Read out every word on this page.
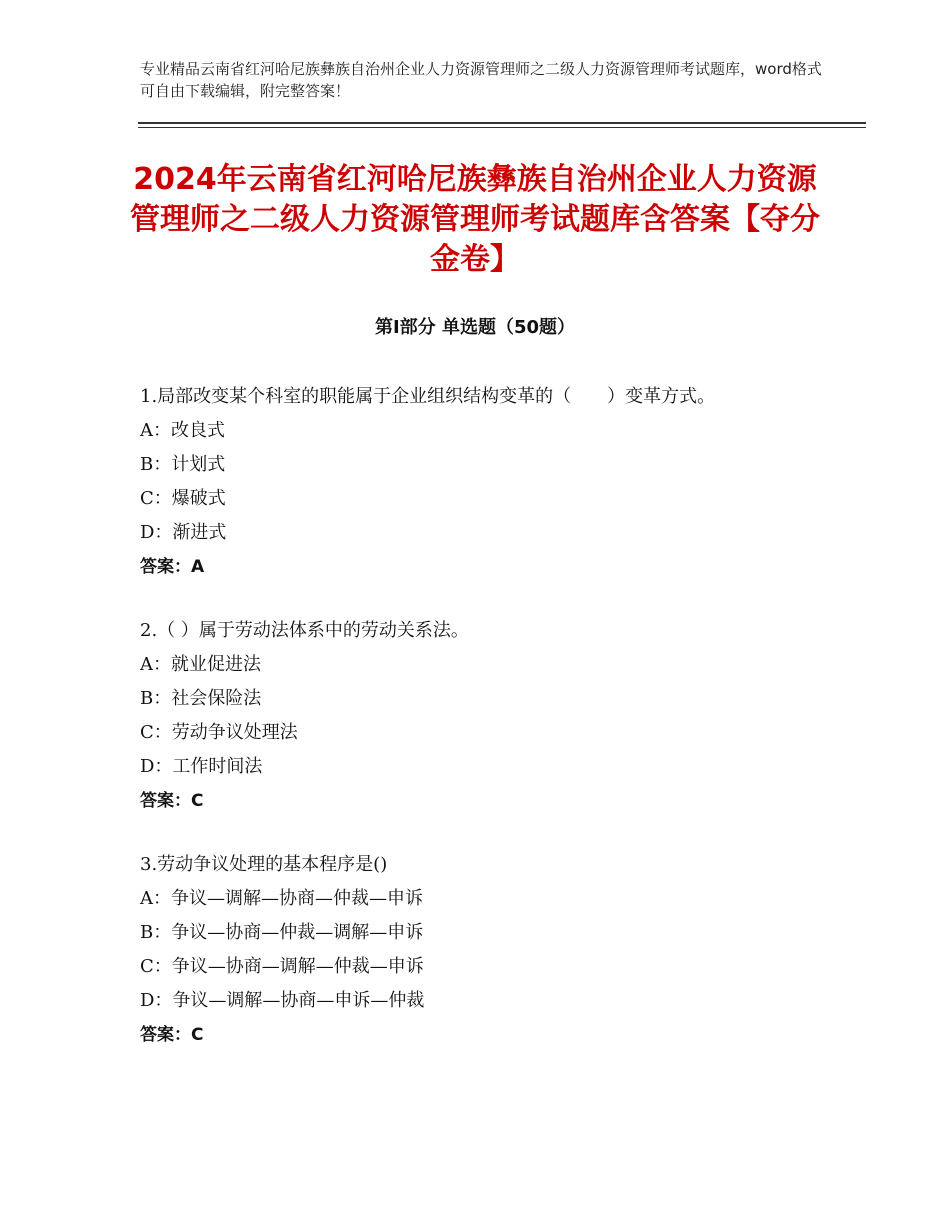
专业精品云南省红河哈尼族彝族自治州企业人力资源管理师之二级人力资源管理师考试题库，word格式可自由下载编辑，附完整答案！
2024年云南省红河哈尼族彝族自治州企业人力资源管理师之二级人力资源管理师考试题库含答案【夺分金卷】
第Ⅰ部分 单选题（50题）
1.局部改变某个科室的职能属于企业组织结构变革的（　　）变革方式。
A：改良式
B：计划式
C：爆破式
D：渐进式
答案：A
2.（ ）属于劳动法体系中的劳动关系法。
A：就业促进法
B：社会保险法
C：劳动争议处理法
D：工作时间法
答案：C
3.劳动争议处理的基本程序是()
A：争议—调解—协商—仲裁—申诉
B：争议—协商—仲裁—调解—申诉
C：争议—协商—调解—仲裁—申诉
D：争议—调解—协商—申诉—仲裁
答案：C
